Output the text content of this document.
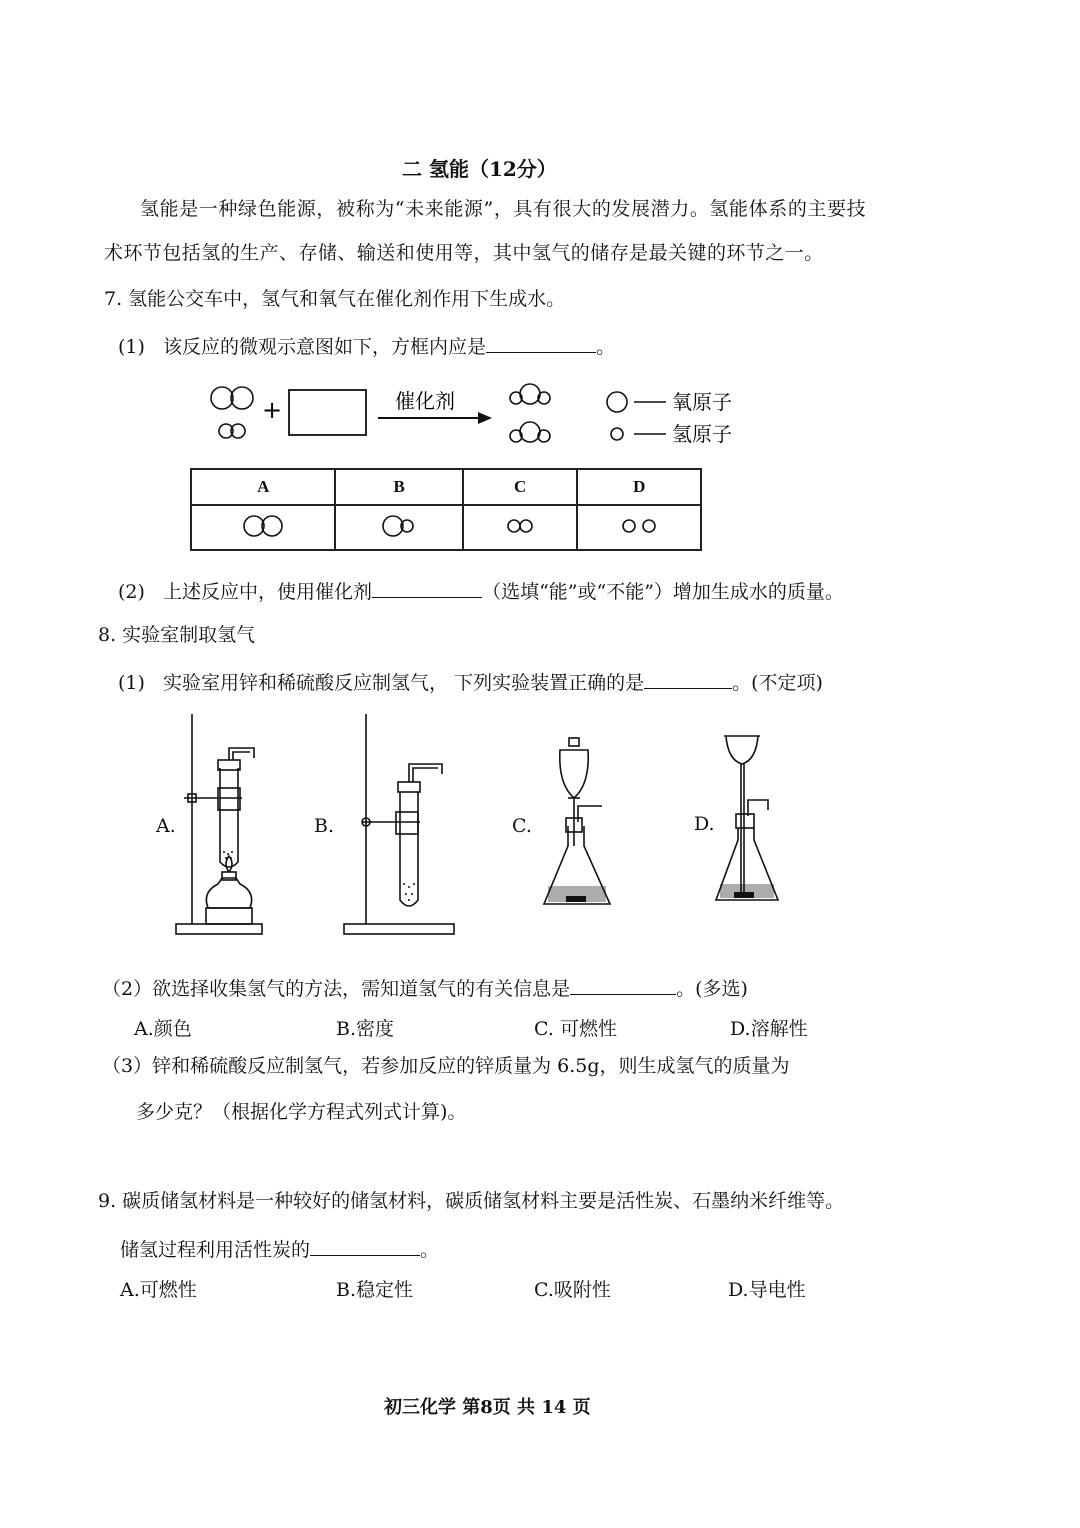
二 氢能（12分）
氢能是一种绿色能源，被称为“未来能源”，具有很大的发展潜力。氢能体系的主要技
术环节包括氢的生产、存储、输送和使用等，其中氢气的储存是最关键的环节之一。
7. 氢能公交车中，氢气和氧气在催化剂作用下生成水。
(1) 该反应的微观示意图如下，方框内应是	。
+	催化剂	氧原子
氢原子
A	B	C	D

(2) 上述反应中，使用催化剂	（选填“能”或“不能”）增加生成水的质量。
8. 实验室制取氢气
(1) 实验室用锌和稀硫酸反应制氢气， 下列实验装置正确的是	。(不定项)
A.	B.	C.	D.
（2）欲选择收集氢气的方法，需知道氢气的有关信息是	。(多选)
A.颜色	B.密度	C. 可燃性	D.溶解性
（3）锌和稀硫酸反应制氢气，若参加反应的锌质量为 6.5g，则生成氢气的质量为
多少克？（根据化学方程式列式计算)。
9. 碳质储氢材料是一种较好的储氢材料，碳质储氢材料主要是活性炭、石墨纳米纤维等。
储氢过程利用活性炭的	。
A.可燃性	B.稳定性	C.吸附性	D.导电性
初三化学 第8页 共 14 页
